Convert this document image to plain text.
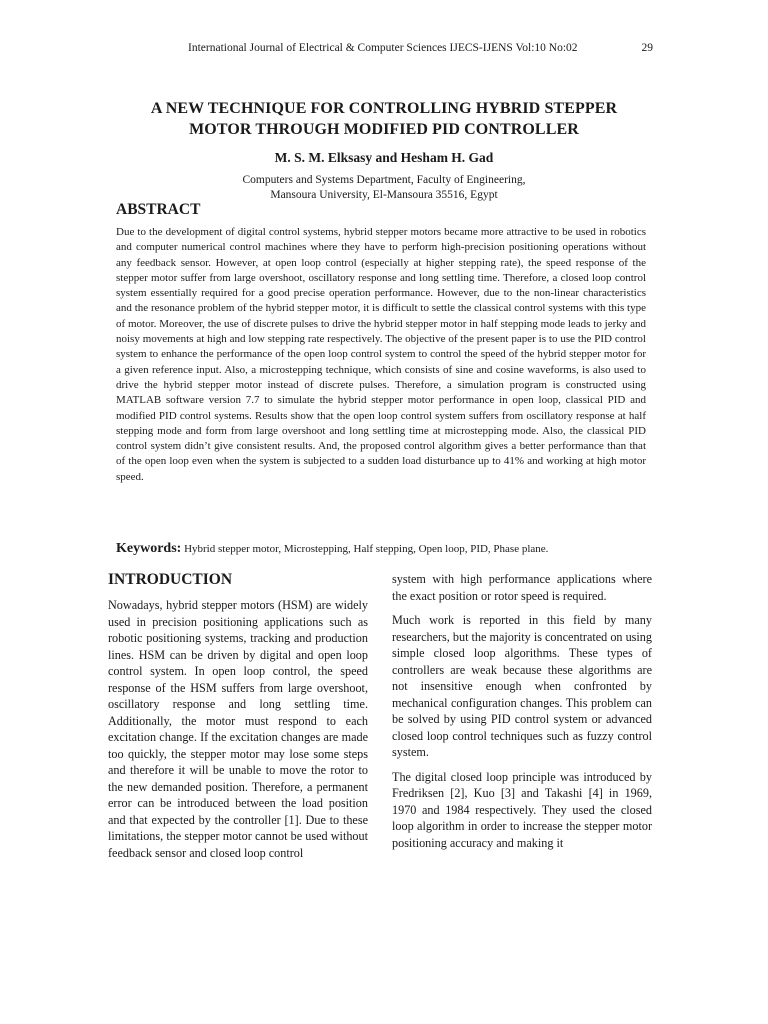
International Journal of Electrical & Computer Sciences IJECS-IJENS Vol:10 No:02	29
A NEW TECHNIQUE FOR CONTROLLING HYBRID STEPPER
MOTOR THROUGH MODIFIED PID CONTROLLER
M. S. M. Elksasy and Hesham H. Gad
Computers and Systems Department, Faculty of Engineering,
Mansoura University, El-Mansoura 35516, Egypt
ABSTRACT
Due to the development of digital control systems, hybrid stepper motors became more attractive to be used in robotics and computer numerical control machines where they have to perform high-precision positioning operations without any feedback sensor. However, at open loop control (especially at higher stepping rate), the speed response of the stepper motor suffer from large overshoot, oscillatory response and long settling time. Therefore, a closed loop control system essentially required for a good precise operation performance. However, due to the non-linear characteristics and the resonance problem of the hybrid stepper motor, it is difficult to settle the classical control systems with this type of motor. Moreover, the use of discrete pulses to drive the hybrid stepper motor in half stepping mode leads to jerky and noisy movements at high and low stepping rate respectively. The objective of the present paper is to use the PID control system to enhance the performance of the open loop control system to control the speed of the hybrid stepper motor for a given reference input. Also, a microstepping technique, which consists of sine and cosine waveforms, is also used to drive the hybrid stepper motor instead of discrete pulses. Therefore, a simulation program is constructed using MATLAB software version 7.7 to simulate the hybrid stepper motor performance in open loop, classical PID and modified PID control systems. Results show that the open loop control system suffers from oscillatory response at half stepping mode and form from large overshoot and long settling time at microstepping mode. Also, the classical PID control system didn’t give consistent results. And, the proposed control algorithm gives a better performance than that of the open loop even when the system is subjected to a sudden load disturbance up to 41% and working at high motor speed.
Keywords: Hybrid stepper motor, Microstepping, Half stepping, Open loop, PID, Phase plane.
INTRODUCTION

Nowadays, hybrid stepper motors (HSM) are widely used in precision positioning applications such as robotic positioning systems, tracking and production lines. HSM can be driven by digital and open loop control system. In open loop control, the speed response of the HSM suffers from large overshoot, oscillatory response and long settling time. Additionally, the motor must respond to each excitation change. If the excitation changes are made too quickly, the stepper motor may lose some steps and therefore it will be unable to move the rotor to the new demanded position. Therefore, a permanent error can be introduced between the load position and that expected by the controller [1]. Due to these limitations, the stepper motor cannot be used without feedback sensor and closed loop control

system with high performance applications where the exact position or rotor speed is required.

Much work is reported in this field by many researchers, but the majority is concentrated on using simple closed loop algorithms. These types of controllers are weak because these algorithms are not insensitive enough when confronted by mechanical configuration changes. This problem can be solved by using PID control system or advanced closed loop control techniques such as fuzzy control system.

The digital closed loop principle was introduced by Fredriksen [2], Kuo [3] and Takashi [4] in 1969, 1970 and 1984 respectively. They used the closed loop algorithm in order to increase the stepper motor positioning accuracy and making it
